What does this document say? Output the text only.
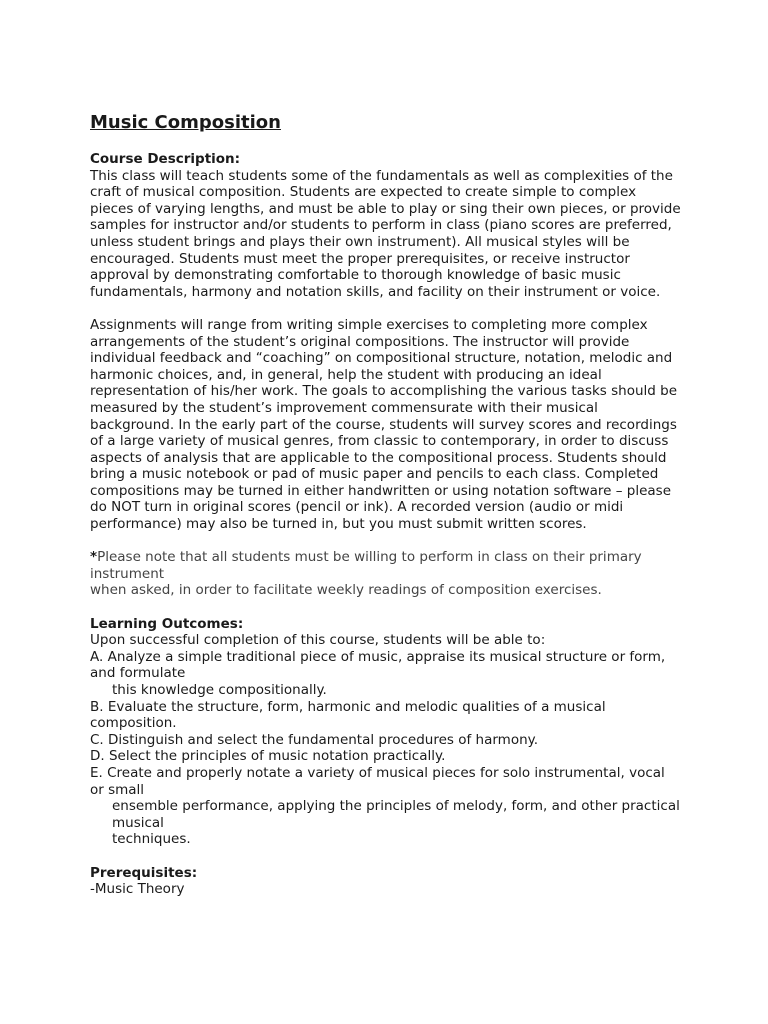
Music Composition

Course Description:

This class will teach students some of the fundamentals as well as complexities of the craft of musical composition. Students are expected to create simple to complex pieces of varying lengths, and must be able to play or sing their own pieces, or provide samples for instructor and/or students to perform in class (piano scores are preferred, unless student brings and plays their own instrument). All musical styles will be encouraged. Students must meet the proper prerequisites, or receive instructor approval by demonstrating comfortable to thorough knowledge of basic music fundamentals, harmony and notation skills, and facility on their instrument or voice.

Assignments will range from writing simple exercises to completing more complex arrangements of the student’s original compositions. The instructor will provide individual feedback and “coaching” on compositional structure, notation, melodic and harmonic choices, and, in general, help the student with producing an ideal representation of his/her work. The goals to accomplishing the various tasks should be measured by the student’s improvement commensurate with their musical background. In the early part of the course, students will survey scores and recordings of a large variety of musical genres, from classic to contemporary, in order to discuss aspects of analysis that are applicable to the compositional process. Students should bring a music notebook or pad of music paper and pencils to each class. Completed compositions may be turned in either handwritten or using notation software – please do NOT turn in original scores (pencil or ink). A recorded version (audio or midi performance) may also be turned in, but you must submit written scores.

*Please note that all students must be willing to perform in class on their primary instrument

when asked, in order to facilitate weekly readings of composition exercises.

Learning Outcomes:

Upon successful completion of this course, students will be able to:

A. Analyze a simple traditional piece of music, appraise its musical structure or form, and formulate

this knowledge compositionally.

B. Evaluate the structure, form, harmonic and melodic qualities of a musical composition.

C. Distinguish and select the fundamental procedures of harmony.

D. Select the principles of music notation practically.

E. Create and properly notate a variety of musical pieces for solo instrumental, vocal or small

ensemble performance, applying the principles of melody, form, and other practical musical

techniques.

Prerequisites:

-Music Theory
